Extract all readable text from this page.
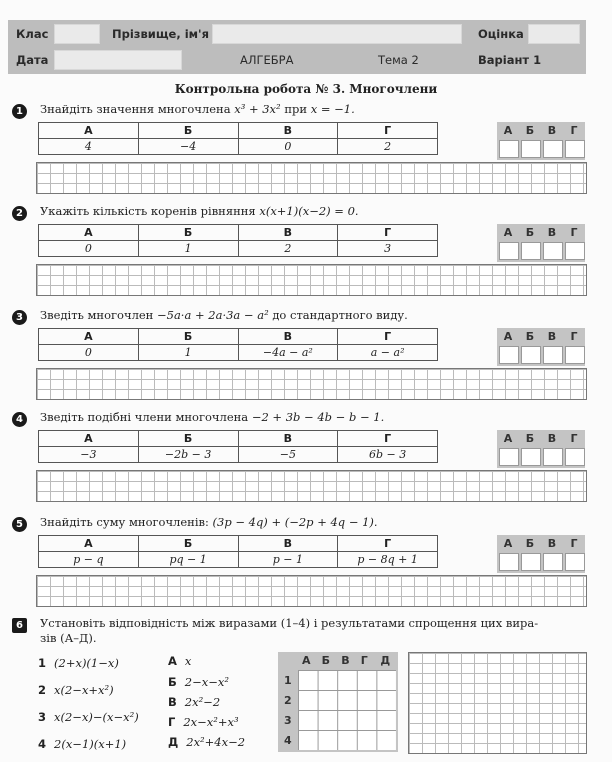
Клас	Прізвище, ім'я	Оцінка
Дата	АЛГЕБРА	Тема 2	Варіант 1
Контрольна робота № 3. Многочлени
1	Знайдіть значення многочлена x³ + 3x² при x = −1.
А	Б	В	Г
4	−4	0	2
А	Б	В	Г
2	Укажіть кількість коренів рівняння x(x+1)(x−2) = 0.
А	Б	В	Г
0	1	2	3
А	Б	В	Г
3	Зведіть многочлен −5a·a + 2a·3a − a² до стандартного виду.
А	Б	В	Г
0	1	−4a − a²	a − a²
А	Б	В	Г
4	Зведіть подібні члени многочлена −2 + 3b − 4b − b − 1.
А	Б	В	Г
−3	−2b − 3	−5	6b − 3
А	Б	В	Г
5	Знайдіть суму многочленів: (3p − 4q) + (−2p + 4q − 1).
А	Б	В	Г
p − q	pq − 1	p − 1	p − 8q + 1
А	Б	В	Г
6	Установіть відповідність між виразами (1–4) і результатами спрощення цих вира-
зів (А–Д).
1 (2+x)(1−x)
2 x(2−x+x²)
3 x(2−x)−(x−x²)
4 2(x−1)(x+1)
А x
Б 2−x−x²
В 2x²−2
Г 2x−x²+x³
Д 2x²+4x−2
А Б В Г Д
1
2
3
4
